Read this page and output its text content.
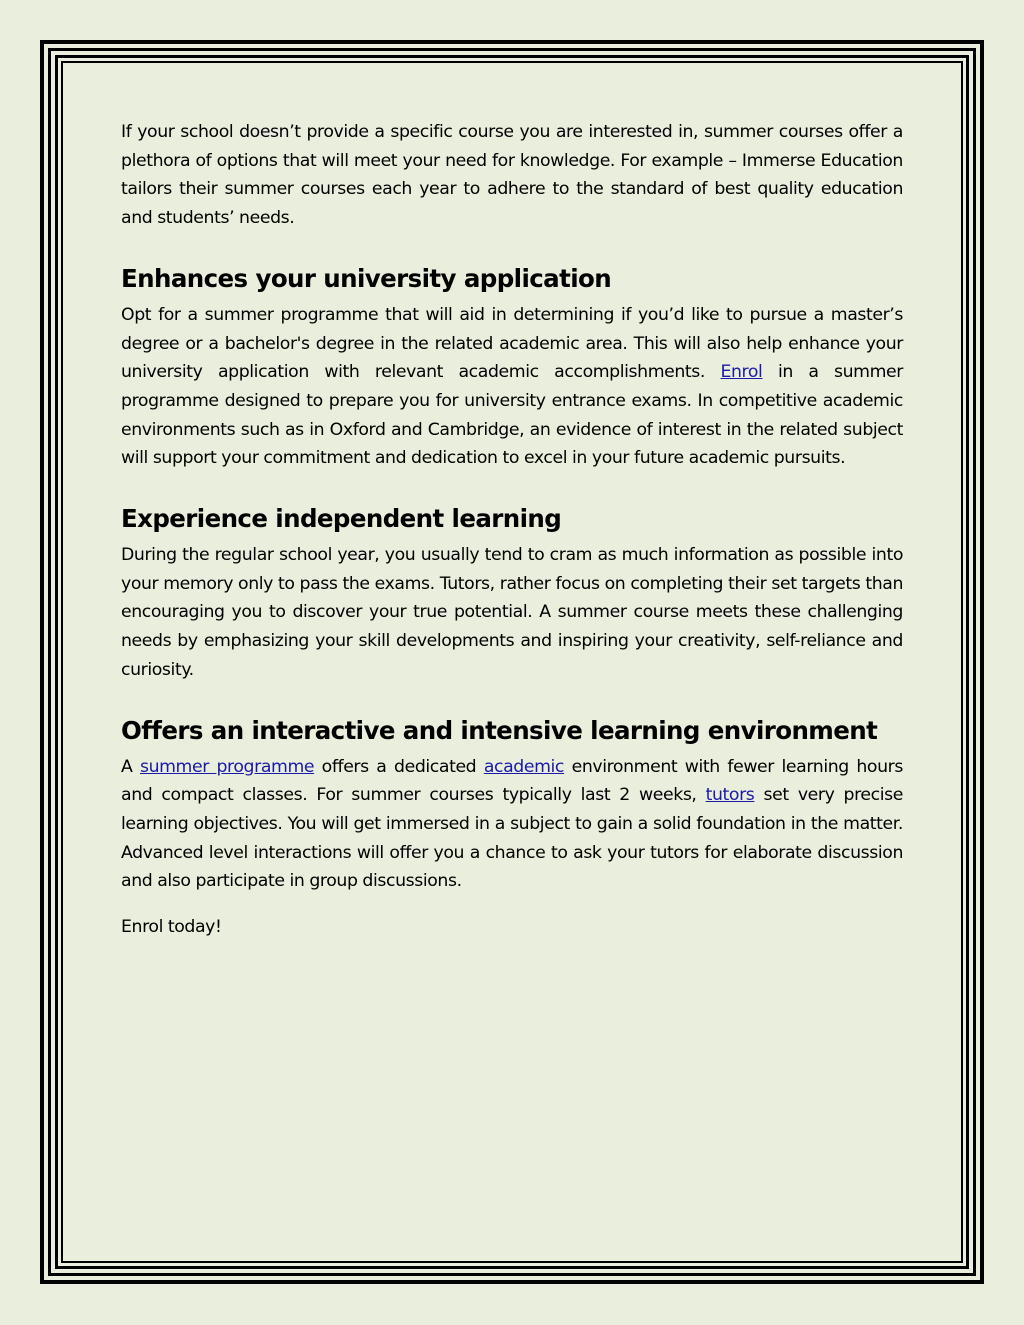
If your school doesn’t provide a specific course you are interested in, summer courses offer a plethora of options that will meet your need for knowledge. For example – Immerse Education tailors their summer courses each year to adhere to the standard of best quality education and students’ needs.

Enhances your university application

Opt for a summer programme that will aid in determining if you’d like to pursue a master’s degree or a bachelor's degree in the related academic area. This will also help enhance your university application with relevant academic accomplishments. Enrol in a summer programme designed to prepare you for university entrance exams. In competitive academic environments such as in Oxford and Cambridge, an evidence of interest in the related subject will support your commitment and dedication to excel in your future academic pursuits.

Experience independent learning

During the regular school year, you usually tend to cram as much information as possible into your memory only to pass the exams. Tutors, rather focus on completing their set targets than encouraging you to discover your true potential. A summer course meets these challenging needs by emphasizing your skill developments and inspiring your creativity, self-reliance and curiosity.

Offers an interactive and intensive learning environment

A summer programme offers a dedicated academic environment with fewer learning hours and compact classes. For summer courses typically last 2 weeks, tutors set very precise learning objectives. You will get immersed in a subject to gain a solid foundation in the matter. Advanced level interactions will offer you a chance to ask your tutors for elaborate discussion and also participate in group discussions.

Enrol today!
